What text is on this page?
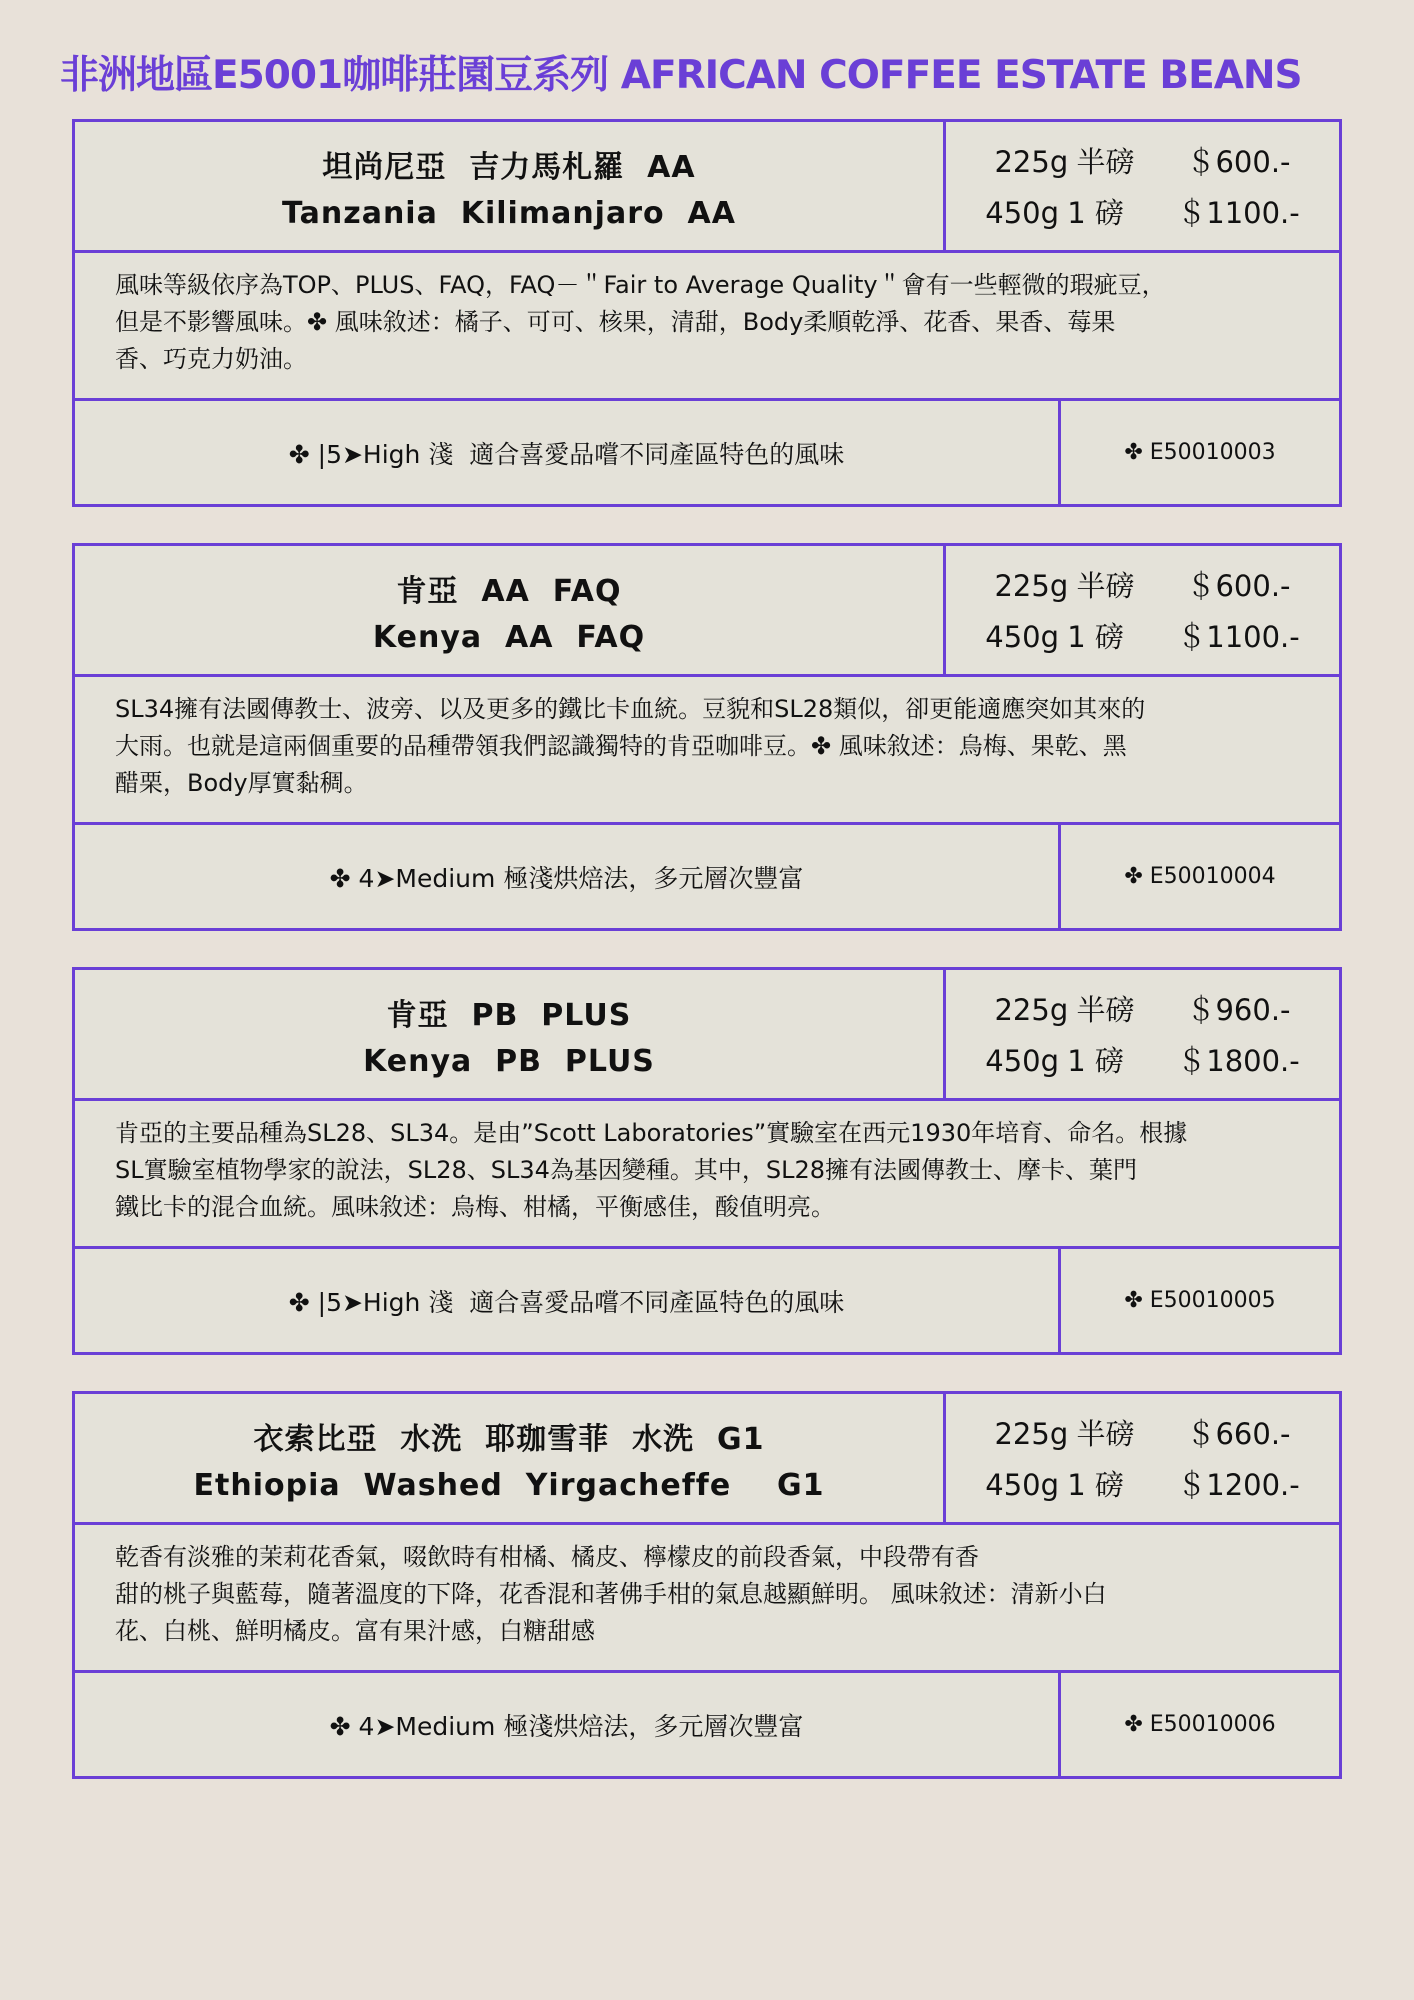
非洲地區E5001咖啡莊園豆系列 AFRICAN COFFEE ESTATE BEANS
坦尚尼亞  吉力馬札羅  AA
Tanzania  Kilimanjaro  AA
225g 半磅 ＄600.-
450g 1 磅 ＄1100.-
風味等級依序為TOP、PLUS、FAQ，FAQ－＂Fair to Average Quality＂會有一些輕微的瑕疵豆，
但是不影響風味。✤ 風味敘述：橘子、可可、核果，清甜，Body柔順乾淨、花香、果香、莓果
香、巧克力奶油。
✤ |5➤High 淺  適合喜愛品嚐不同產區特色的風味	✤ E50010003
肯亞  AA  FAQ
Kenya  AA  FAQ
225g 半磅 ＄600.-
450g 1 磅 ＄1100.-
SL34擁有法國傳教士、波旁、以及更多的鐵比卡血統。豆貌和SL28類似，卻更能適應突如其來的
大雨。也就是這兩個重要的品種帶領我們認識獨特的肯亞咖啡豆。✤ 風味敘述：烏梅、果乾、黑
醋栗，Body厚實黏稠。
✤ 4➤Medium 極淺烘焙法，多元層次豐富	✤ E50010004
肯亞  PB  PLUS
Kenya  PB  PLUS
225g 半磅 ＄960.-
450g 1 磅 ＄1800.-
肯亞的主要品種為SL28、SL34。是由”Scott Laboratories”實驗室在西元1930年培育、命名。根據
SL實驗室植物學家的說法，SL28、SL34為基因變種。其中，SL28擁有法國傳教士、摩卡、葉門
鐵比卡的混合血統。風味敘述：烏梅、柑橘，平衡感佳，酸值明亮。
✤ |5➤High 淺  適合喜愛品嚐不同產區特色的風味	✤ E50010005
衣索比亞  水洗  耶珈雪菲  水洗  G1
Ethiopia  Washed  Yirgacheffe    G1
225g 半磅 ＄660.-
450g 1 磅 ＄1200.-
乾香有淡雅的茉莉花香氣，啜飲時有柑橘、橘皮、檸檬皮的前段香氣，中段帶有香
甜的桃子與藍莓，隨著溫度的下降，花香混和著佛手柑的氣息越顯鮮明。 風味敘述：清新小白
花、白桃、鮮明橘皮。富有果汁感，白糖甜感
✤ 4➤Medium 極淺烘焙法，多元層次豐富	✤ E50010006
